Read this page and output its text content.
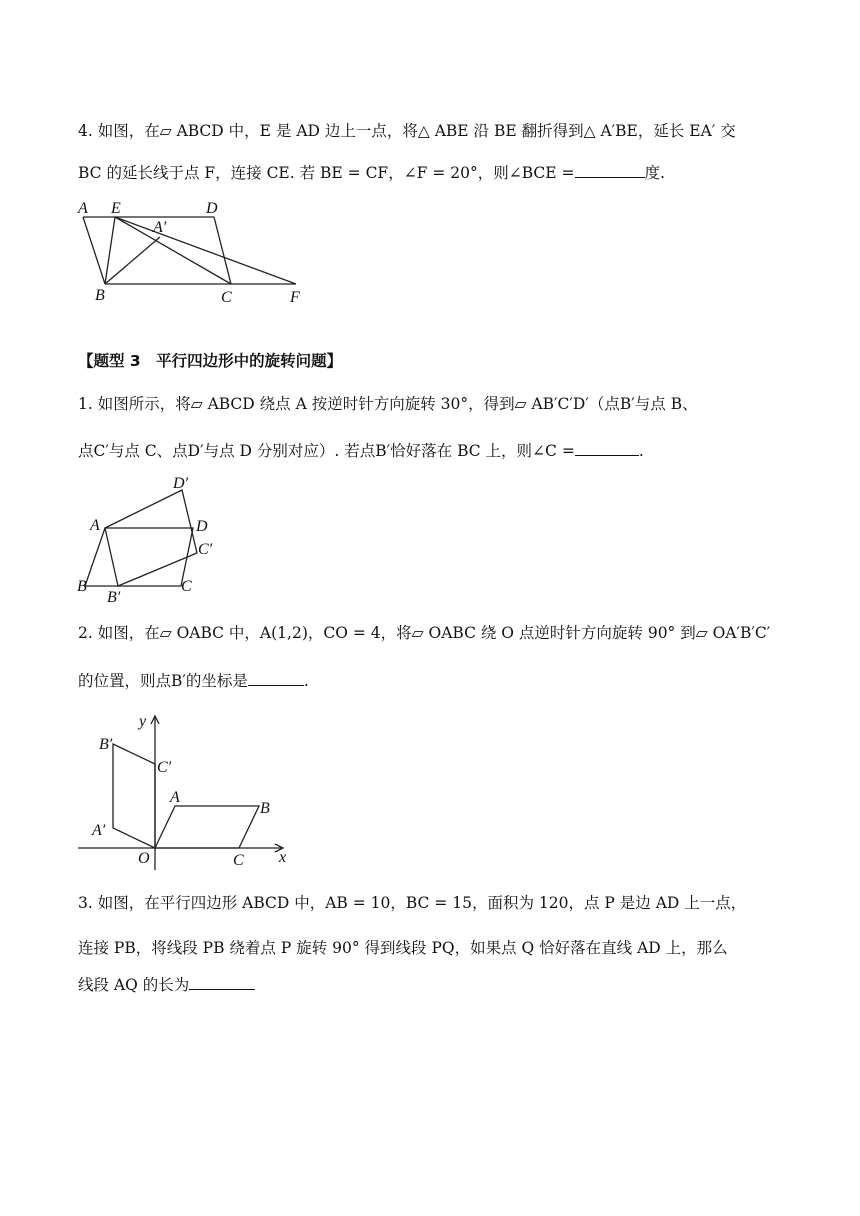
4. 如图，在▱ ABCD 中，E 是 AD 边上一点，将△ ABE 沿 BE 翻折得到△ A′BE，延长 EA′ 交
BC 的延长线于点 F，连接 CE. 若 BE = CF，∠F = 20°，则∠BCE =	度.
A E	D
A′
B	C	F
【题型 3　平行四边形中的旋转问题】
1. 如图所示，将▱ ABCD 绕点 A 按逆时针方向旋转 30°，得到▱ AB′C′D′（点B′与点 B、
点C′与点 C、点D′与点 D 分别对应）. 若点B′恰好落在 BC 上，则∠C =	.
D′
A	D
C′
B	C
B′
2. 如图，在▱ OABC 中，A(1,2)，CO = 4，将▱ OABC 绕 O 点逆时针方向旋转 90° 到▱ OA′B′C′
的位置，则点B′的坐标是	.
y
x
O
A
B
C
A′
B′
C′
3. 如图，在平行四边形 ABCD 中，AB = 10，BC = 15，面积为 120，点 P 是边 AD 上一点，
连接 PB，将线段 PB 绕着点 P 旋转 90° 得到线段 PQ，如果点 Q 恰好落在直线 AD 上，那么
线段 AQ 的长为
